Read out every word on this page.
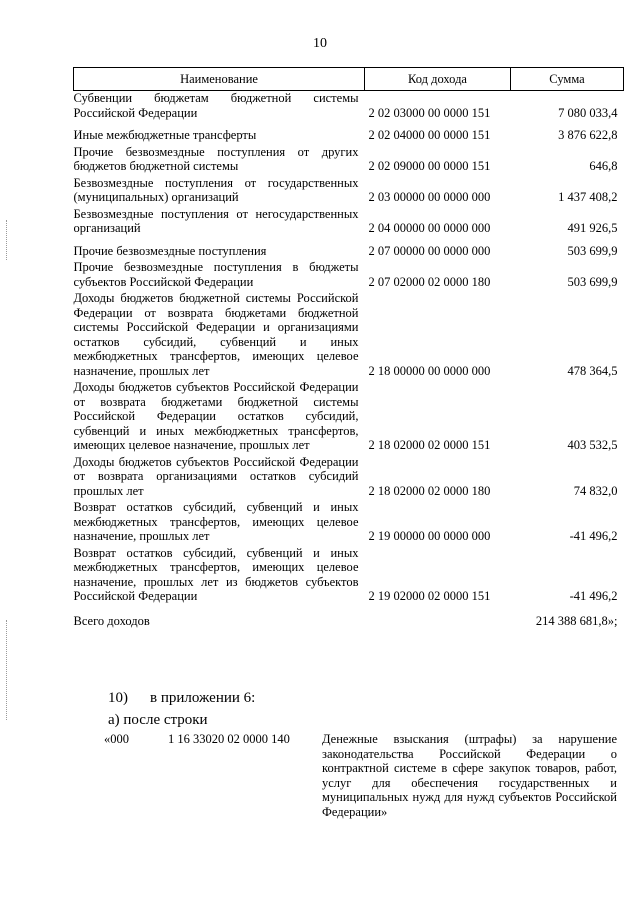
10
Наименование	Код дохода	Сумма
Субвенции бюджетам бюджетной системы Российской Федерации	2 02 03000 00 0000 151	7 080 033,4
Иные межбюджетные трансферты	2 02 04000 00 0000 151	3 876 622,8
Прочие безвозмездные поступления от других бюджетов бюджетной системы	2 02 09000 00 0000 151	646,8
Безвозмездные поступления от государственных (муниципальных) организаций	2 03 00000 00 0000 000	1 437 408,2
Безвозмездные поступления от негосударственных организаций	2 04 00000 00 0000 000	491 926,5
Прочие безвозмездные поступления	2 07 00000 00 0000 000	503 699,9
Прочие безвозмездные поступления в бюджеты субъектов Российской Федерации	2 07 02000 02 0000 180	503 699,9
Доходы бюджетов бюджетной системы Российской Федерации от возврата бюджетами бюджетной системы Российской Федерации и организациями остатков субсидий, субвенций и иных межбюджетных трансфертов, имеющих целевое назначение, прошлых лет	2 18 00000 00 0000 000	478 364,5
Доходы бюджетов субъектов Российской Федерации от возврата бюджетами бюджетной системы Российской Федерации остатков субсидий, субвенций и иных межбюджетных трансфертов, имеющих целевое назначение, прошлых лет	2 18 02000 02 0000 151	403 532,5
Доходы бюджетов субъектов Российской Федерации от возврата организациями остатков субсидий прошлых лет	2 18 02000 02 0000 180	74 832,0
Возврат остатков субсидий, субвенций и иных межбюджетных трансфертов, имеющих целевое назначение, прошлых лет	2 19 00000 00 0000 000	-41 496,2
Возврат остатков субсидий, субвенций и иных межбюджетных трансфертов, имеющих целевое назначение, прошлых лет из бюджетов субъектов Российской Федерации	2 19 02000 02 0000 151	-41 496,2
Всего доходов		214 388 681,8»;
10) в приложении 6:
а) после строки
«000	1 16 33020 02 0000 140	Денежные взыскания (штрафы) за нарушение законодательства Российской Федерации о контрактной системе в сфере закупок товаров, работ, услуг для обеспечения государственных и муниципальных нужд для нужд субъектов Российской Федерации»
